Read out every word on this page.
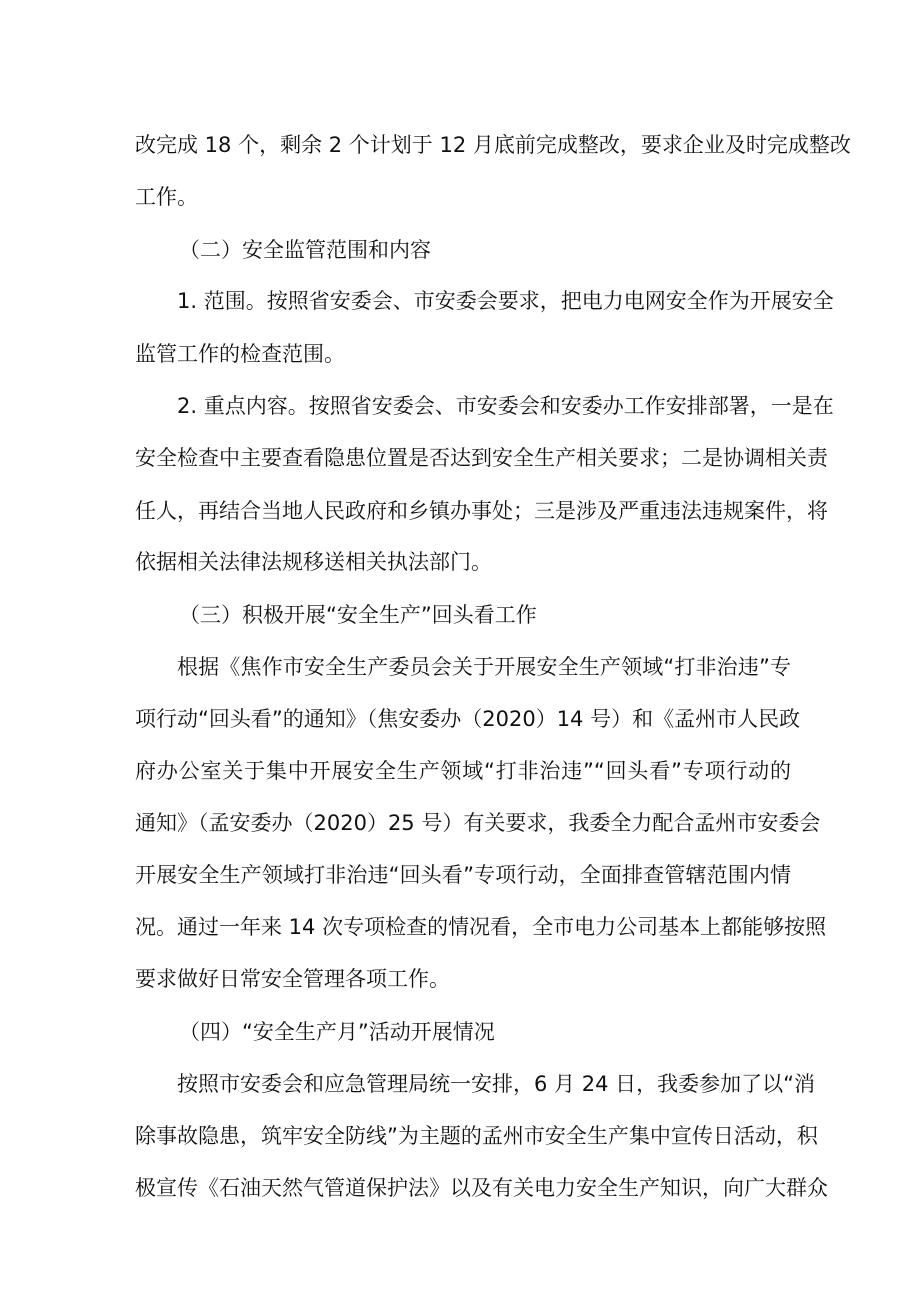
改完成 18 个，剩余 2 个计划于 12 月底前完成整改，要求企业及时完成整改
工作。
（二）安全监管范围和内容
1. 范围。按照省安委会、市安委会要求，把电力电网安全作为开展安全
监管工作的检查范围。
2. 重点内容。按照省安委会、市安委会和安委办工作安排部署，一是在
安全检查中主要查看隐患位置是否达到安全生产相关要求；二是协调相关责
任人，再结合当地人民政府和乡镇办事处；三是涉及严重违法违规案件，将
依据相关法律法规移送相关执法部门。
（三）积极开展“安全生产”回头看工作
根据《焦作市安全生产委员会关于开展安全生产领域“打非治违”专
项行动“回头看”的通知》（焦安委办（2020）14 号）和《孟州市人民政
府办公室关于集中开展安全生产领域“打非治违”“回头看”专项行动的
通知》（孟安委办（2020）25 号）有关要求，我委全力配合孟州市安委会
开展安全生产领域打非治违“回头看”专项行动，全面排查管辖范围内情
况。通过一年来 14 次专项检查的情况看，全市电力公司基本上都能够按照
要求做好日常安全管理各项工作。
（四）“安全生产月”活动开展情况
按照市安委会和应急管理局统一安排，6 月 24 日，我委参加了以“消
除事故隐患，筑牢安全防线”为主题的孟州市安全生产集中宣传日活动，积
极宣传《石油天然气管道保护法》以及有关电力安全生产知识，向广大群众
